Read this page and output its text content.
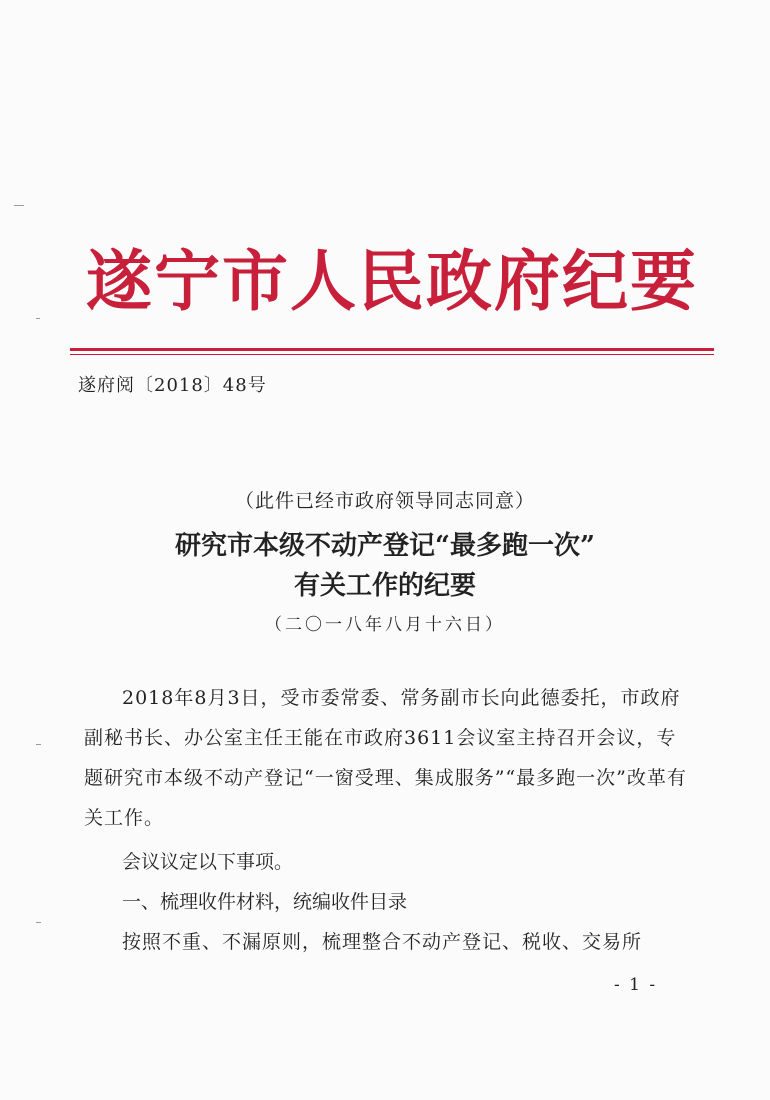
遂宁市人民政府纪要
遂府阅〔2018〕48号
（此件已经市政府领导同志同意）
研究市本级不动产登记“最多跑一次”
有关工作的纪要
（二〇一八年八月十六日）
2018年8月3日，受市委常委、常务副市长向此德委托，市政府副秘书长、办公室主任王能在市政府3611会议室主持召开会议，专题研究市本级不动产登记“一窗受理、集成服务”“最多跑一次”改革有关工作。
会议议定以下事项。
一、梳理收件材料，统编收件目录
按照不重、不漏原则，梳理整合不动产登记、税收、交易所
- 1 -
